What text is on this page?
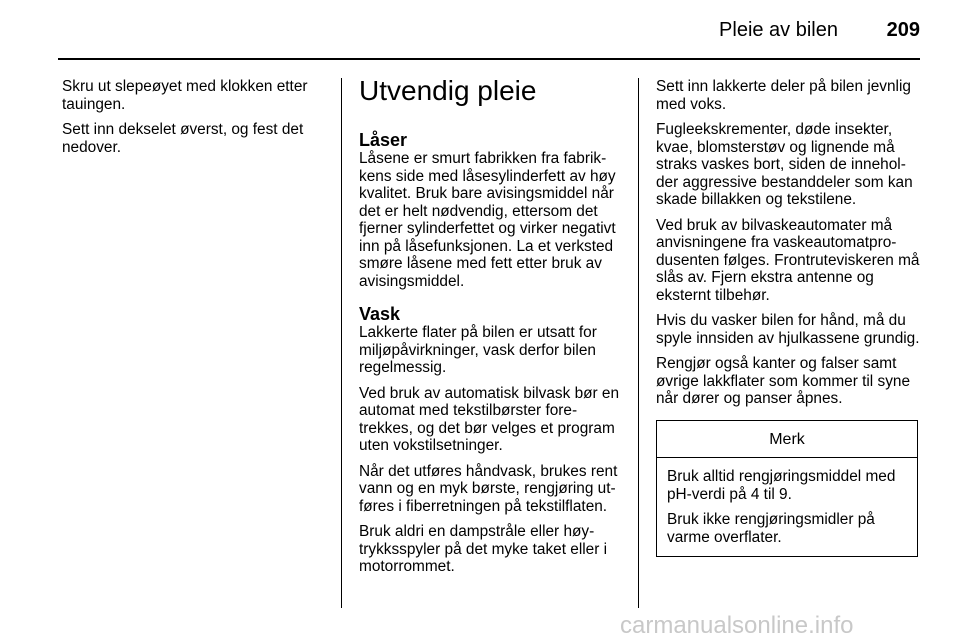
Pleie av bilen 209

Skru ut slepeøyet med klokken etter tauingen.

Sett inn dekselet øverst, og fest det nedover.

Utvendig pleie
Låser

Låsene er smurt fabrikken fra fabrikkens side med låsesylinderfett av høy kvalitet. Bruk bare avisingsmiddel når det er helt nødvendig, ettersom det fjerner sylinderfettet og virker negativt inn på låsefunksjonen. La et verksted smøre låsene med fett etter bruk av avisingsmiddel.

Vask

Lakkerte flater på bilen er utsatt for miljøpåvirkninger, vask derfor bilen regelmessig.

Ved bruk av automatisk bilvask bør en automat med tekstilbørster foretrekkes, og det bør velges et program uten vokstilsetninger.

Når det utføres håndvask, brukes rent vann og en myk børste, rengjøring utføres i fiberretningen på tekstilflaten.

Bruk aldri en dampstråle eller høytrykksspyler på det myke taket eller i motorrommet.

Sett inn lakkerte deler på bilen jevnlig med voks.

Fugleekskrementer, døde insekter, kvae, blomsterstøv og lignende må straks vaskes bort, siden de inneholder aggressive bestanddeler som kan skade billakken og tekstilene.

Ved bruk av bilvaskeautomater må anvisningene fra vaskeautomatprodusenten følges. Frontruteviskeren må slås av. Fjern ekstra antenne og eksternt tilbehør.

Hvis du vasker bilen for hånd, må du spyle innsiden av hjulkassene grundig.

Rengjør også kanter og falser samt øvrige lakkflater som kommer til syne når dører og panser åpnes.

Merk

Bruk alltid rengjøringsmiddel med pH-verdi på 4 til 9.

Bruk ikke rengjøringsmidler på varme overflater.

carmanualsonline.info
